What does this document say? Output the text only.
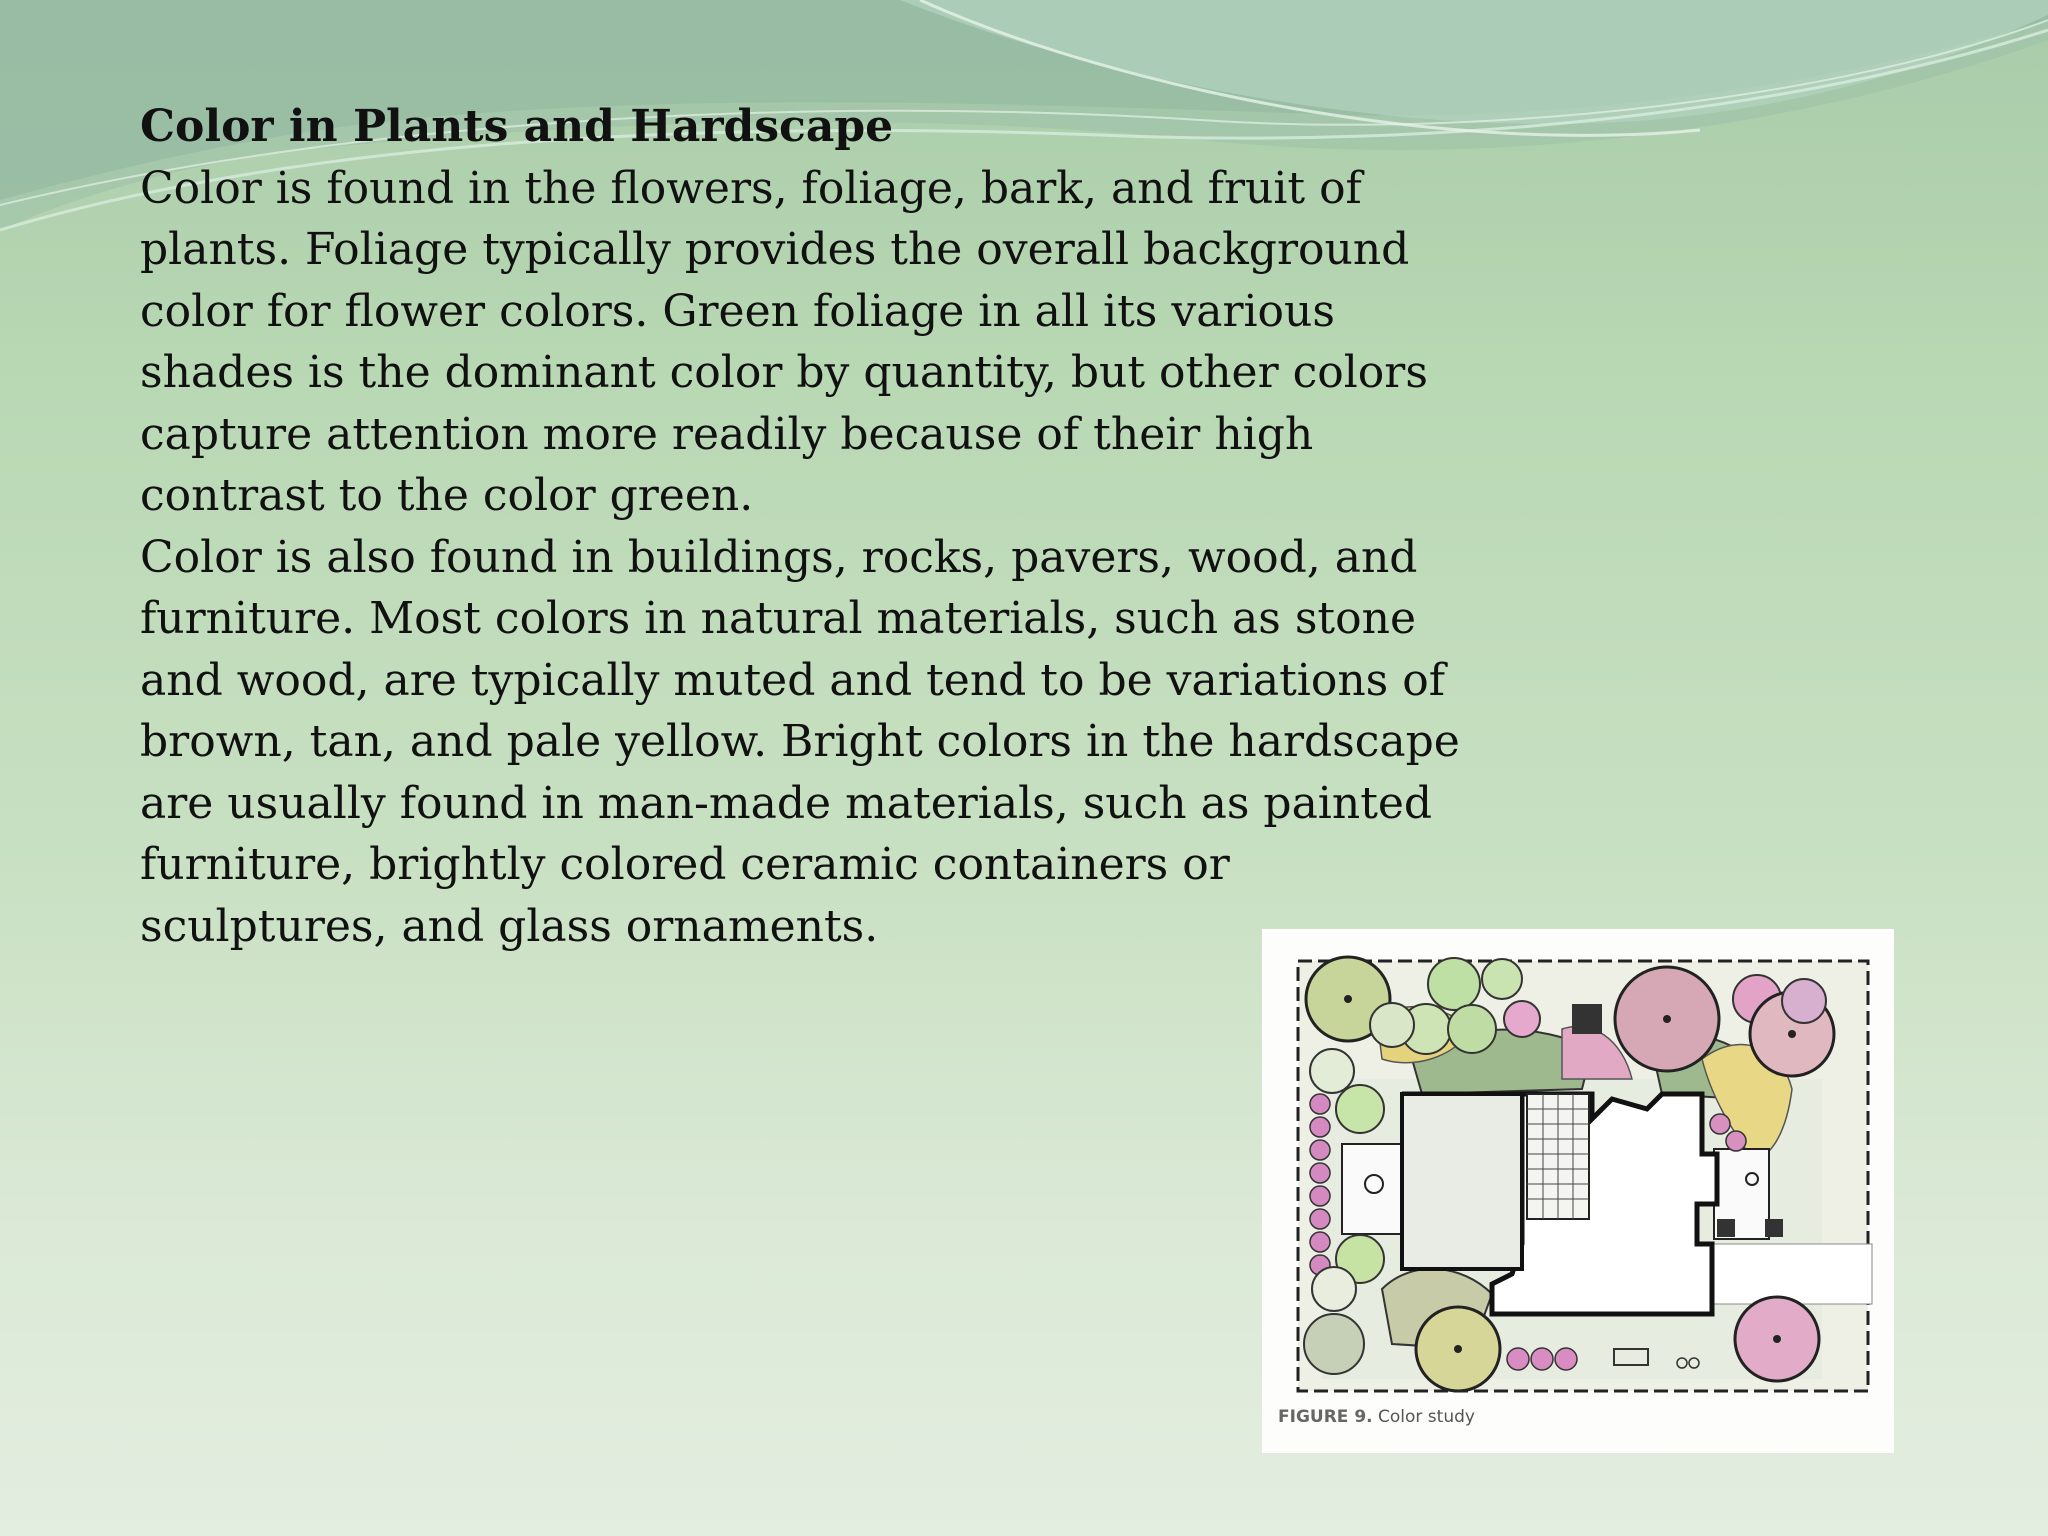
Color in Plants and Hardscape

Color is found in the flowers, foliage, bark, and fruit of plants. Foliage typically provides the overall background color for flower colors. Green foliage in all its various shades is the dominant color by quantity, but other colors capture attention more readily because of their high contrast to the color green.

Color is also found in buildings, rocks, pavers, wood, and furniture. Most colors in natural materials, such as stone and wood, are typically muted and tend to be variations of brown, tan, and pale yellow. Bright colors in the hardscape are usually found in man-made materials, such as painted furniture, brightly colored ceramic containers or sculptures, and glass ornaments.

FIGURE 9. Color study
